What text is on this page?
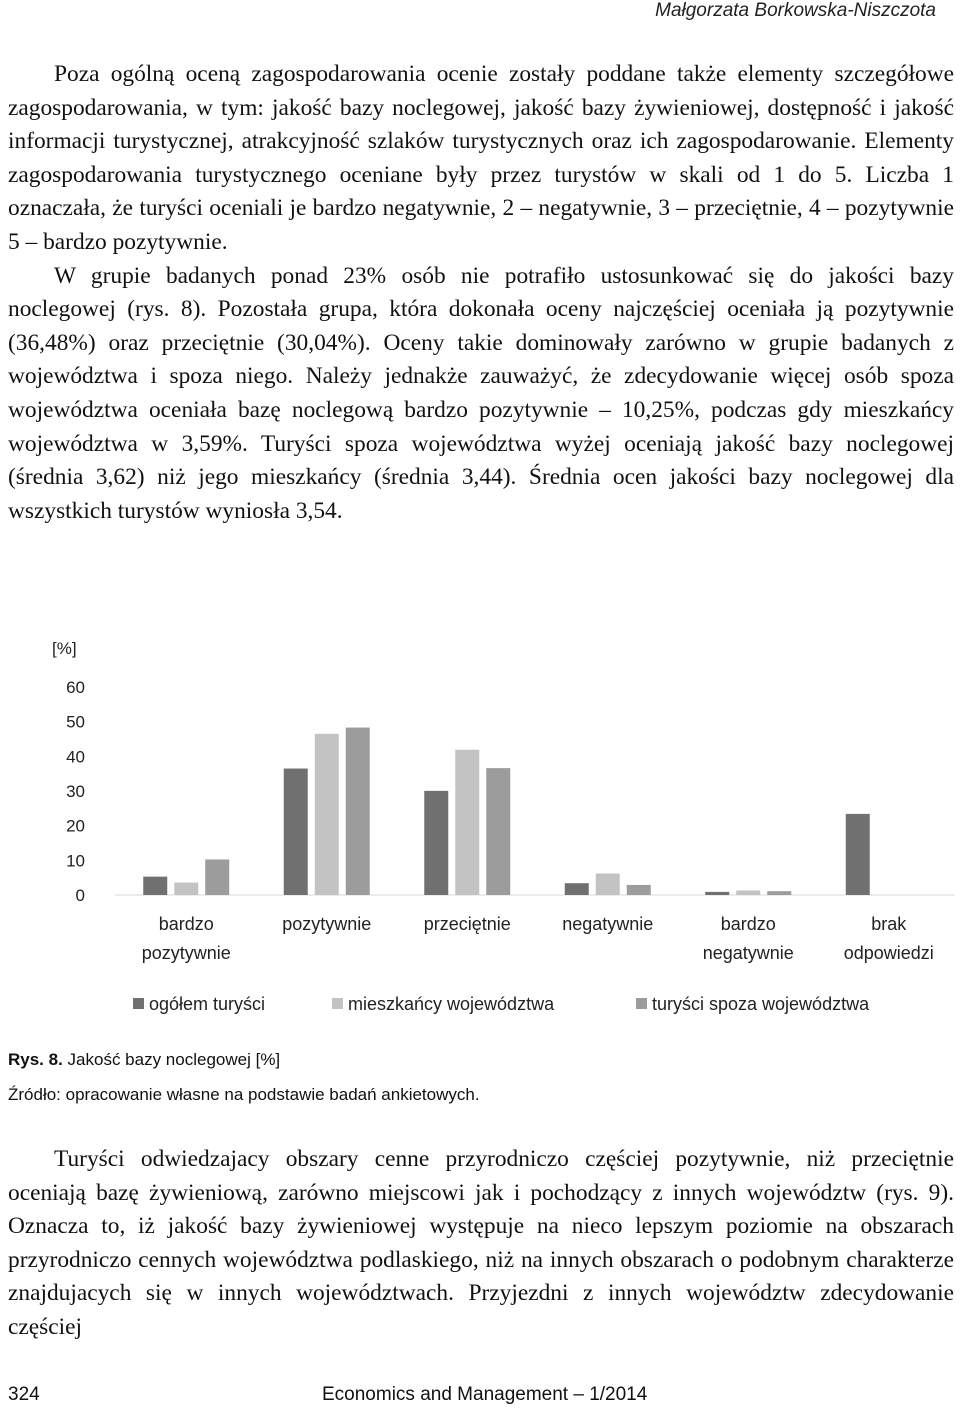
Małgorzata Borkowska-Niszczota

Poza ogólną oceną zagospodarowania ocenie zostały poddane także elementy szczegółowe zagospodarowania, w tym: jakość bazy noclegowej, jakość bazy żywieniowej, dostępność i jakość informacji turystycznej, atrakcyjność szlaków turystycznych oraz ich zagospodarowanie. Elementy zagospodarowania turystycznego oceniane były przez turystów w skali od 1 do 5. Liczba 1 oznaczała, że turyści oceniali je bardzo negatywnie, 2 – negatywnie, 3 – przeciętnie, 4 – pozytywnie 5 – bardzo pozytywnie.

W grupie badanych ponad 23% osób nie potrafiło ustosunkować się do jakości bazy noclegowej (rys. 8). Pozostała grupa, która dokonała oceny najczęściej oceniała ją pozytywnie (36,48%) oraz przeciętnie (30,04%). Oceny takie dominowały zarówno w grupie badanych z województwa i spoza niego. Należy jednakże zauważyć, że zdecydowanie więcej osób spoza województwa oceniała bazę noclegową bardzo pozytywnie – 10,25%, podczas gdy mieszkańcy województwa w 3,59%. Turyści spoza województwa wyżej oceniają jakość bazy noclegowej (średnia 3,62) niż jego mieszkańcy (średnia 3,44). Średnia ocen jakości bazy noclegowej dla wszystkich turystów wyniosła 3,54.

[%]
60
50
40
30
20
10
0
bardzo
pozytywnie
pozytywnie	przeciętnie	negatywnie	bardzo
negatywnie
brak
odpowiedzi
ogółem turyści	mieszkańcy województwa	turyści spoza województwa
Rys. 8. Jakość bazy noclegowej [%]
Źródło: opracowanie własne na podstawie badań ankietowych.

Turyści odwiedzajacy obszary cenne przyrodniczo częściej pozytywnie, niż przeciętnie oceniają bazę żywieniową, zarówno miejscowi jak i pochodzący z innych województw (rys. 9). Oznacza to, iż jakość bazy żywieniowej występuje na nieco lepszym poziomie na obszarach przyrodniczo cennych województwa podlaskiego, niż na innych obszarach o podobnym charakterze znajdujacych się w innych województwach. Przyjezdni z innych województw zdecydowanie częściej

324	Economics and Management – 1/2014
